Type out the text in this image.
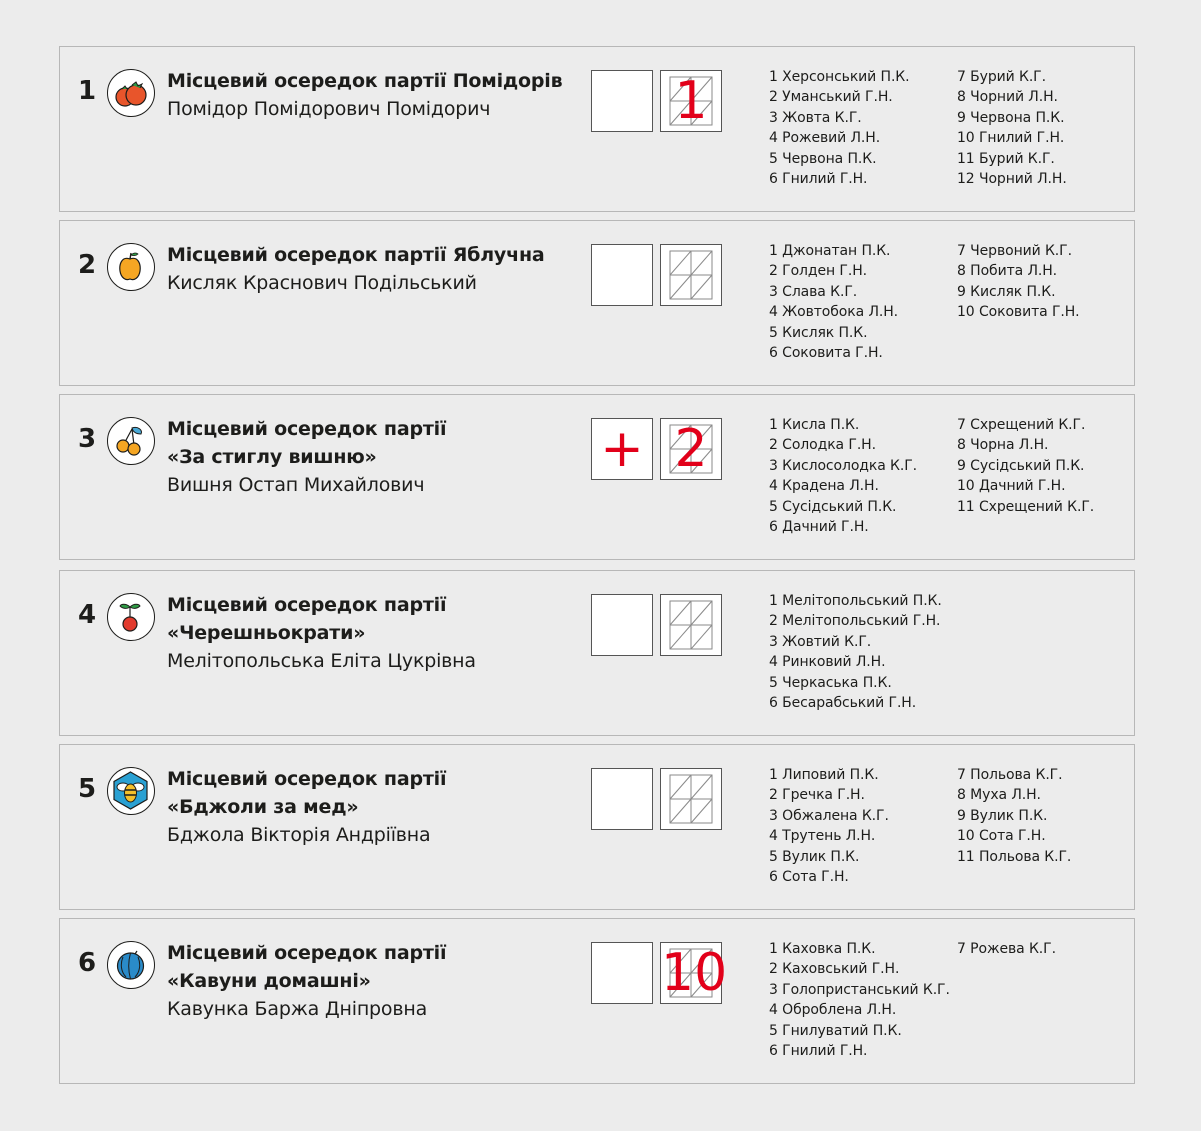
1	Місцевий осередок партії Помідорів
Помідор Помідорович Помідорич	1	1 Херсонський П.К.
2 Уманський Г.Н.
3 Жовта К.Г.
4 Рожевий Л.Н.
5 Червона П.К.
6 Гнилий Г.Н.
7 Бурий К.Г.
8 Чорний Л.Н.
9 Червона П.К.
10 Гнилий Г.Н.
11 Бурий К.Г.
12 Чорний Л.Н.
2	Місцевий осередок партії Яблучна
Кисляк Краснович Подільський
1 Джонатан П.К.
2 Голден Г.Н.
3 Слава К.Г.
4 Жовтобока Л.Н.
5 Кисляк П.К.
6 Соковита Г.Н.
7 Червоний К.Г.
8 Побита Л.Н.
9 Кисляк П.К.
10 Соковита Г.Н.
3	Місцевий осередок партії
«За стиглу вишню»
Вишня Остап Михайлович
+ 2	1 Кисла П.К.
2 Солодка Г.Н.
3 Кислосолодка К.Г.
4 Крадена Л.Н.
5 Сусідський П.К.
6 Дачний Г.Н.
7 Схрещений К.Г.
8 Чорна Л.Н.
9 Сусідський П.К.
10 Дачний Г.Н.
11 Схрещений К.Г.
4	Місцевий осередок партії
«Черешньократи»
Мелітопольська Еліта Цукрівна
1 Мелітопольський П.К.
2 Мелітопольський Г.Н.
3 Жовтий К.Г.
4 Ринковий Л.Н.
5 Черкаська П.К.
6 Бесарабський Г.Н.
5	Місцевий осередок партії
«Бджоли за мед»
Бджола Вікторія Андріївна
1 Липовий П.К.
2 Гречка Г.Н.
3 Обжалена К.Г.
4 Трутень Л.Н.
5 Вулик П.К.
6 Сота Г.Н.
7 Польова К.Г.
8 Муха Л.Н.
9 Вулик П.К.
10 Сота Г.Н.
11 Польова К.Г.
6	Місцевий осередок партії
«Кавуни домашні»
Кавунка Баржа Дніпровна
10	1 Каховка П.К.
2 Каховський Г.Н.
3 Голопристанський К.Г.
4 Оброблена Л.Н.
5 Гнилуватий П.К.
6 Гнилий Г.Н.
7 Рожева К.Г.
